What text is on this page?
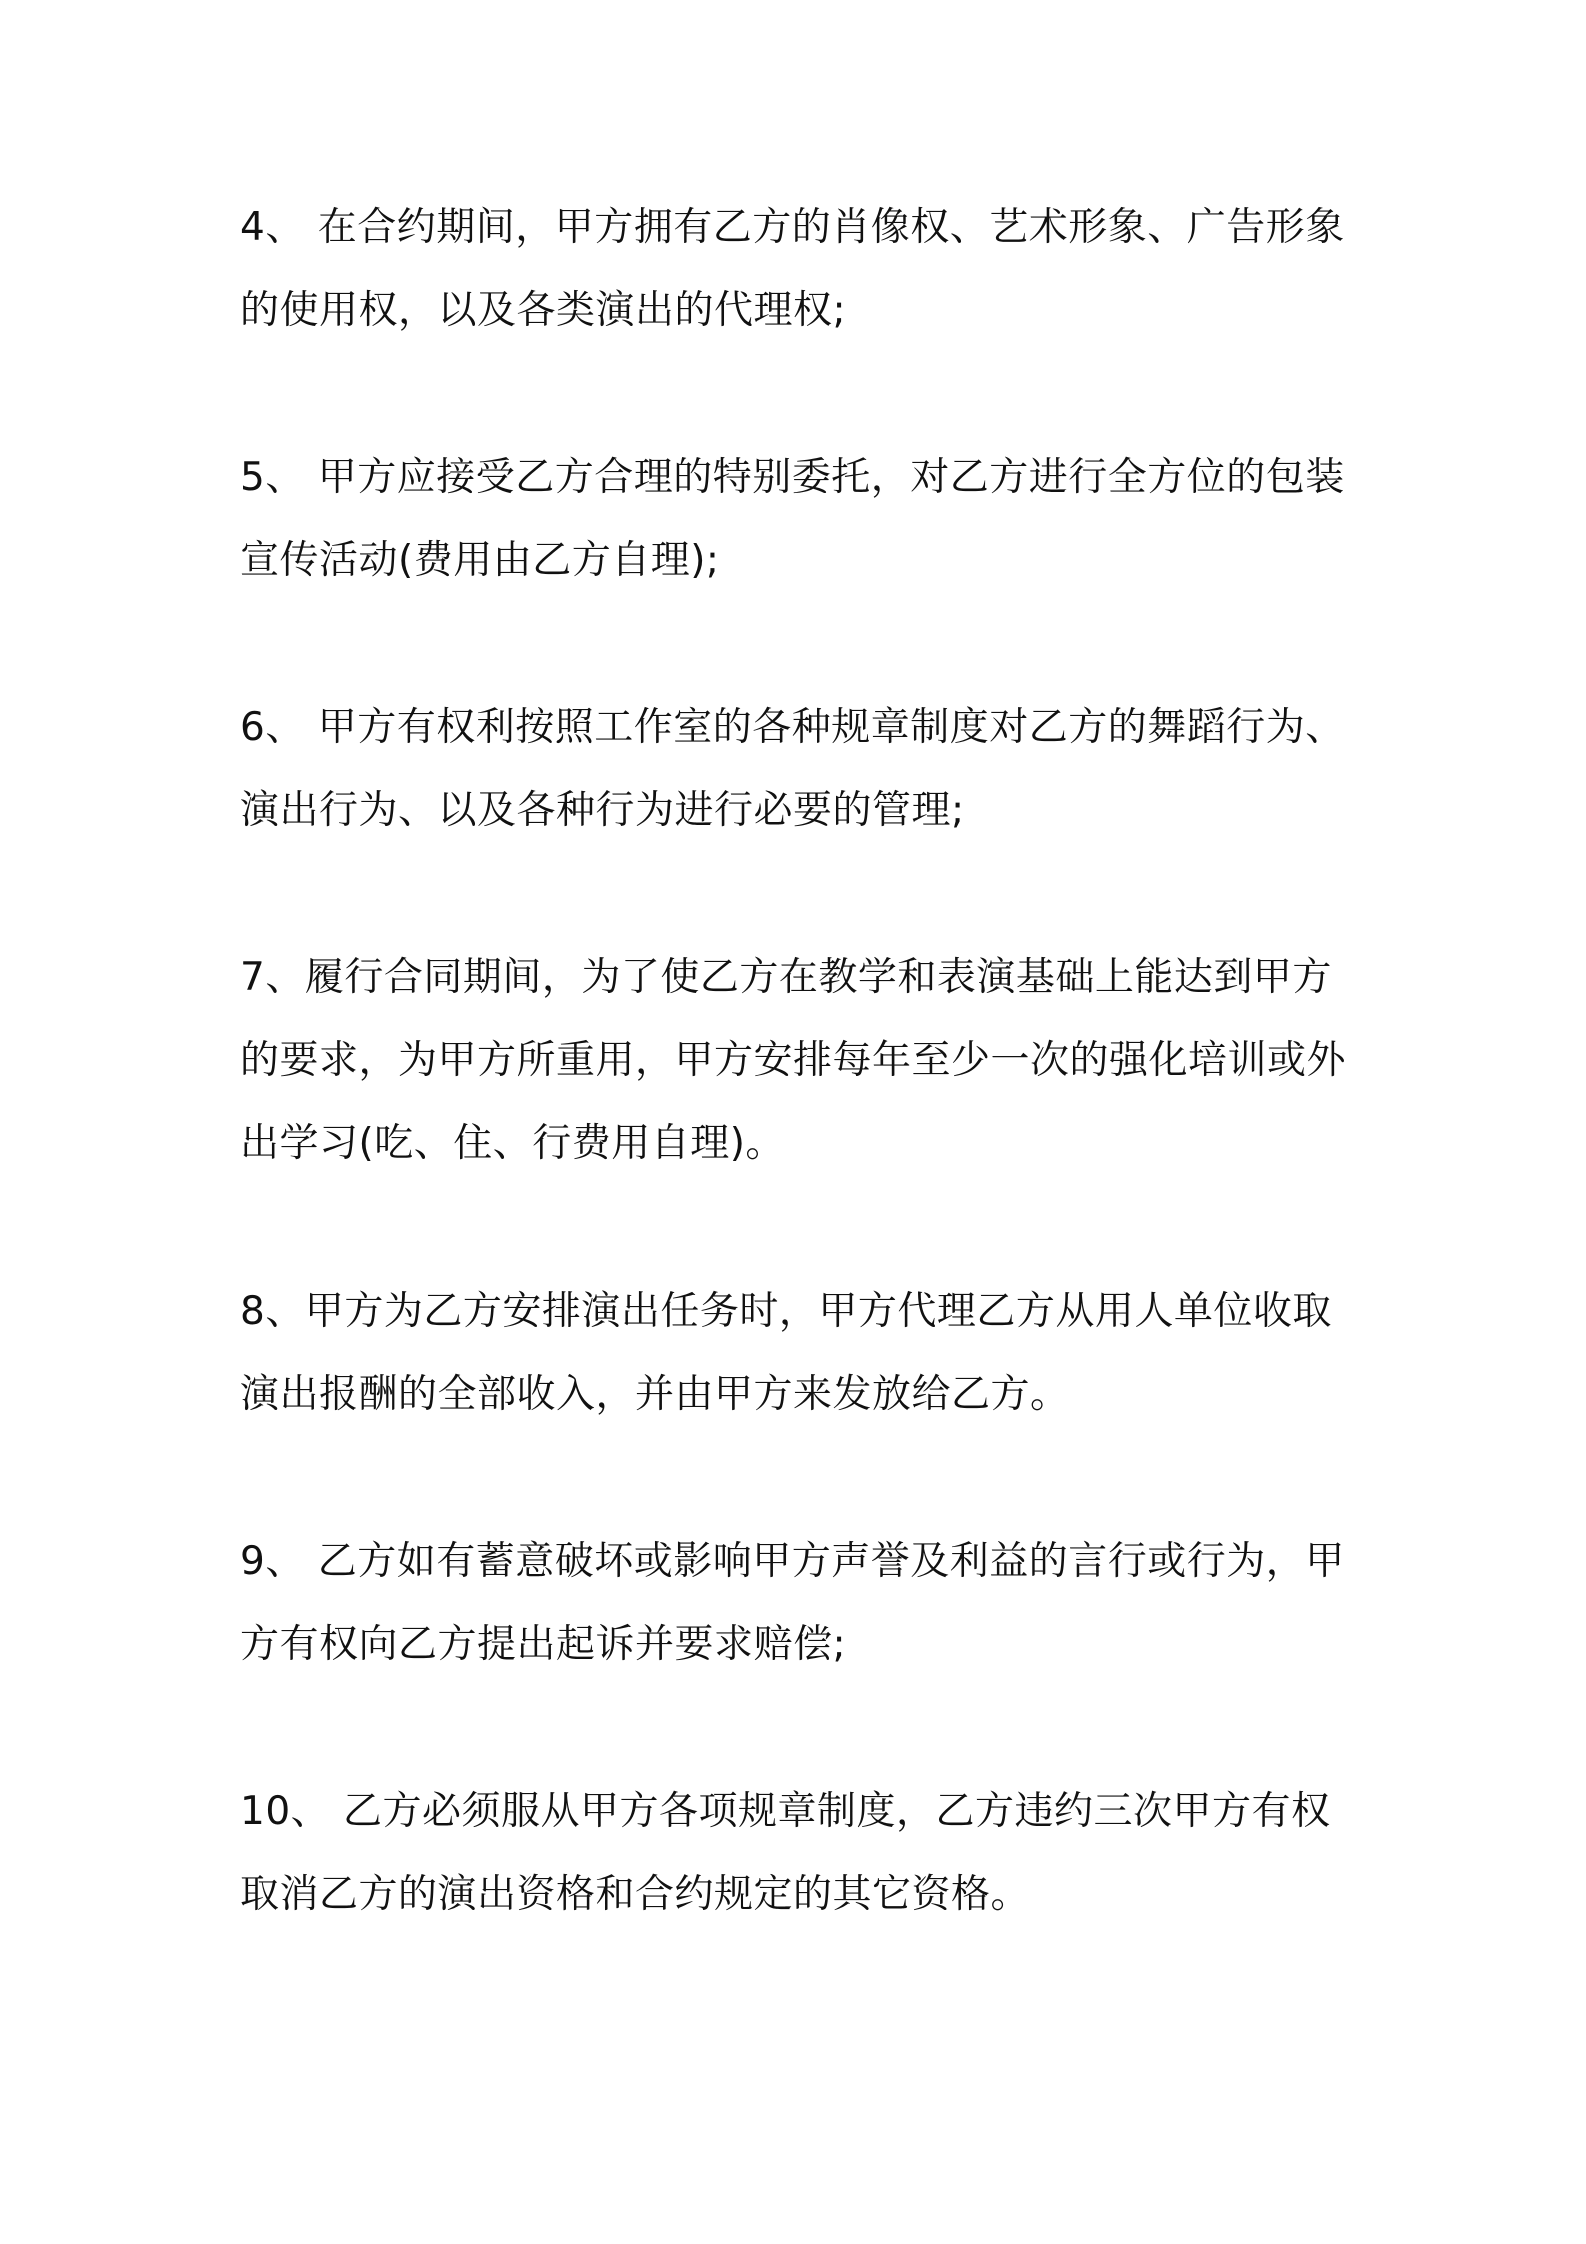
4、 在合约期间，甲方拥有乙方的肖像权、艺术形象、广告形象
的使用权，以及各类演出的代理权;
5、 甲方应接受乙方合理的特别委托，对乙方进行全方位的包装
宣传活动(费用由乙方自理);
6、 甲方有权利按照工作室的各种规章制度对乙方的舞蹈行为、
演出行为、以及各种行为进行必要的管理;
7、履行合同期间，为了使乙方在教学和表演基础上能达到甲方
的要求，为甲方所重用，甲方安排每年至少一次的强化培训或外
出学习(吃、住、行费用自理)。
8、甲方为乙方安排演出任务时，甲方代理乙方从用人单位收取
演出报酬的全部收入，并由甲方来发放给乙方。
9、 乙方如有蓄意破坏或影响甲方声誉及利益的言行或行为，甲
方有权向乙方提出起诉并要求赔偿;
10、 乙方必须服从甲方各项规章制度，乙方违约三次甲方有权
取消乙方的演出资格和合约规定的其它资格。
